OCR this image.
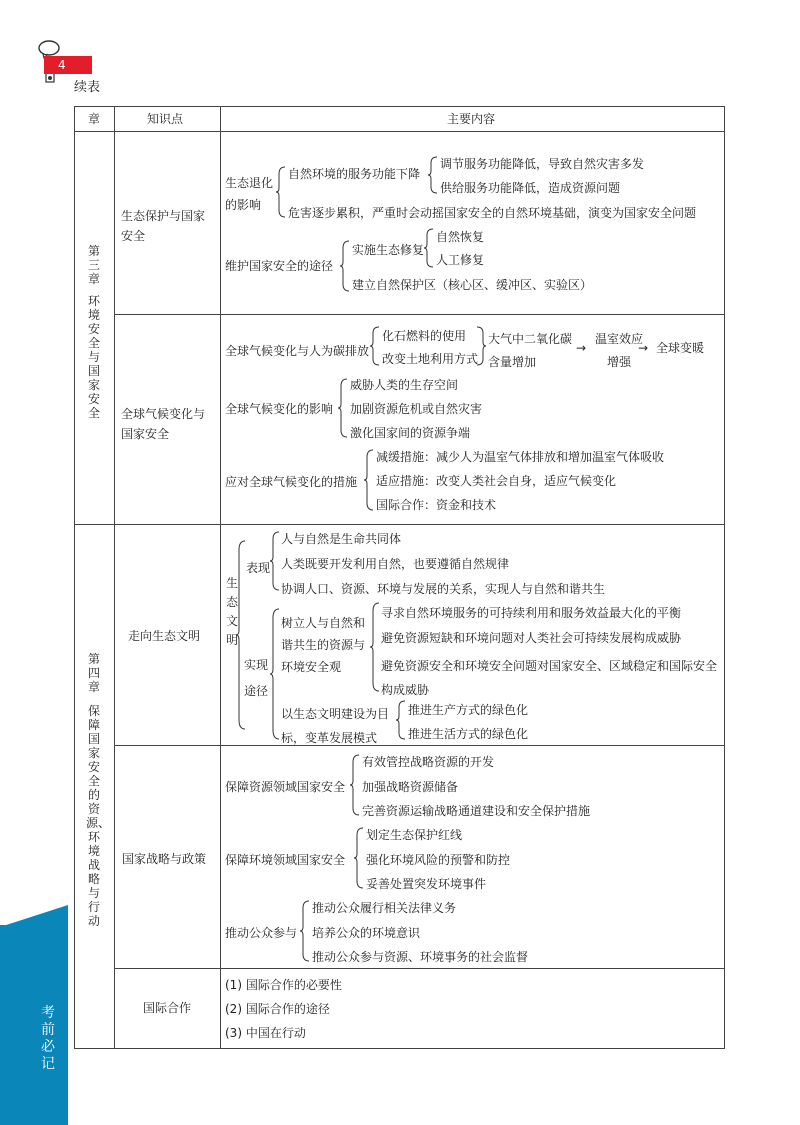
4
续表
考前必记
章	知识点	主要内容
第三章
环境安全与国家安全
第四章
保障国家安全的资源、环境战略与行动
生态保护与国家安全
全球气候变化与国家安全
走向生态文明
国家战略与政策
国际合作
生态退化的影响
自然环境的服务功能下降
调节服务功能降低，导致自然灾害多发
供给服务功能降低，造成资源问题
危害逐步累积，严重时会动摇国家安全的自然环境基础，演变为国家安全问题
维护国家安全的途径
实施生态修复
自然恢复
人工修复
建立自然保护区（核心区、缓冲区、实验区）
全球气候变化与人为碳排放
化石燃料的使用
改变土地利用方式
大气中二氧化碳含量增加
→
温室效应增强
→ 全球变暖
全球气候变化的影响
威胁人类的生存空间
加剧资源危机或自然灾害
激化国家间的资源争端
应对全球气候变化的措施
减缓措施：减少人为温室气体排放和增加温室气体吸收
适应措施：改变人类社会自身，适应气候变化
国际合作：资金和技术
生态文明
表现
人与自然是生命共同体
人类既要开发利用自然，也要遵循自然规律
协调人口、资源、环境与发展的关系，实现人与自然和谐共生
实现途径
树立人与自然和谐共生的资源与环境安全观
寻求自然环境服务的可持续利用和服务效益最大化的平衡
避免资源短缺和环境问题对人类社会可持续发展构成威胁
避免资源安全和环境安全问题对国家安全、区域稳定和国际安全构成威胁
以生态文明建设为目标，变革发展模式
推进生产方式的绿色化
推进生活方式的绿色化
保障资源领域国家安全
有效管控战略资源的开发
加强战略资源储备
完善资源运输战略通道建设和安全保护措施
保障环境领域国家安全
划定生态保护红线
强化环境风险的预警和防控
妥善处置突发环境事件
推动公众参与
推动公众履行相关法律义务
培养公众的环境意识
推动公众参与资源、环境事务的社会监督
(1) 国际合作的必要性
(2) 国际合作的途径
(3) 中国在行动
